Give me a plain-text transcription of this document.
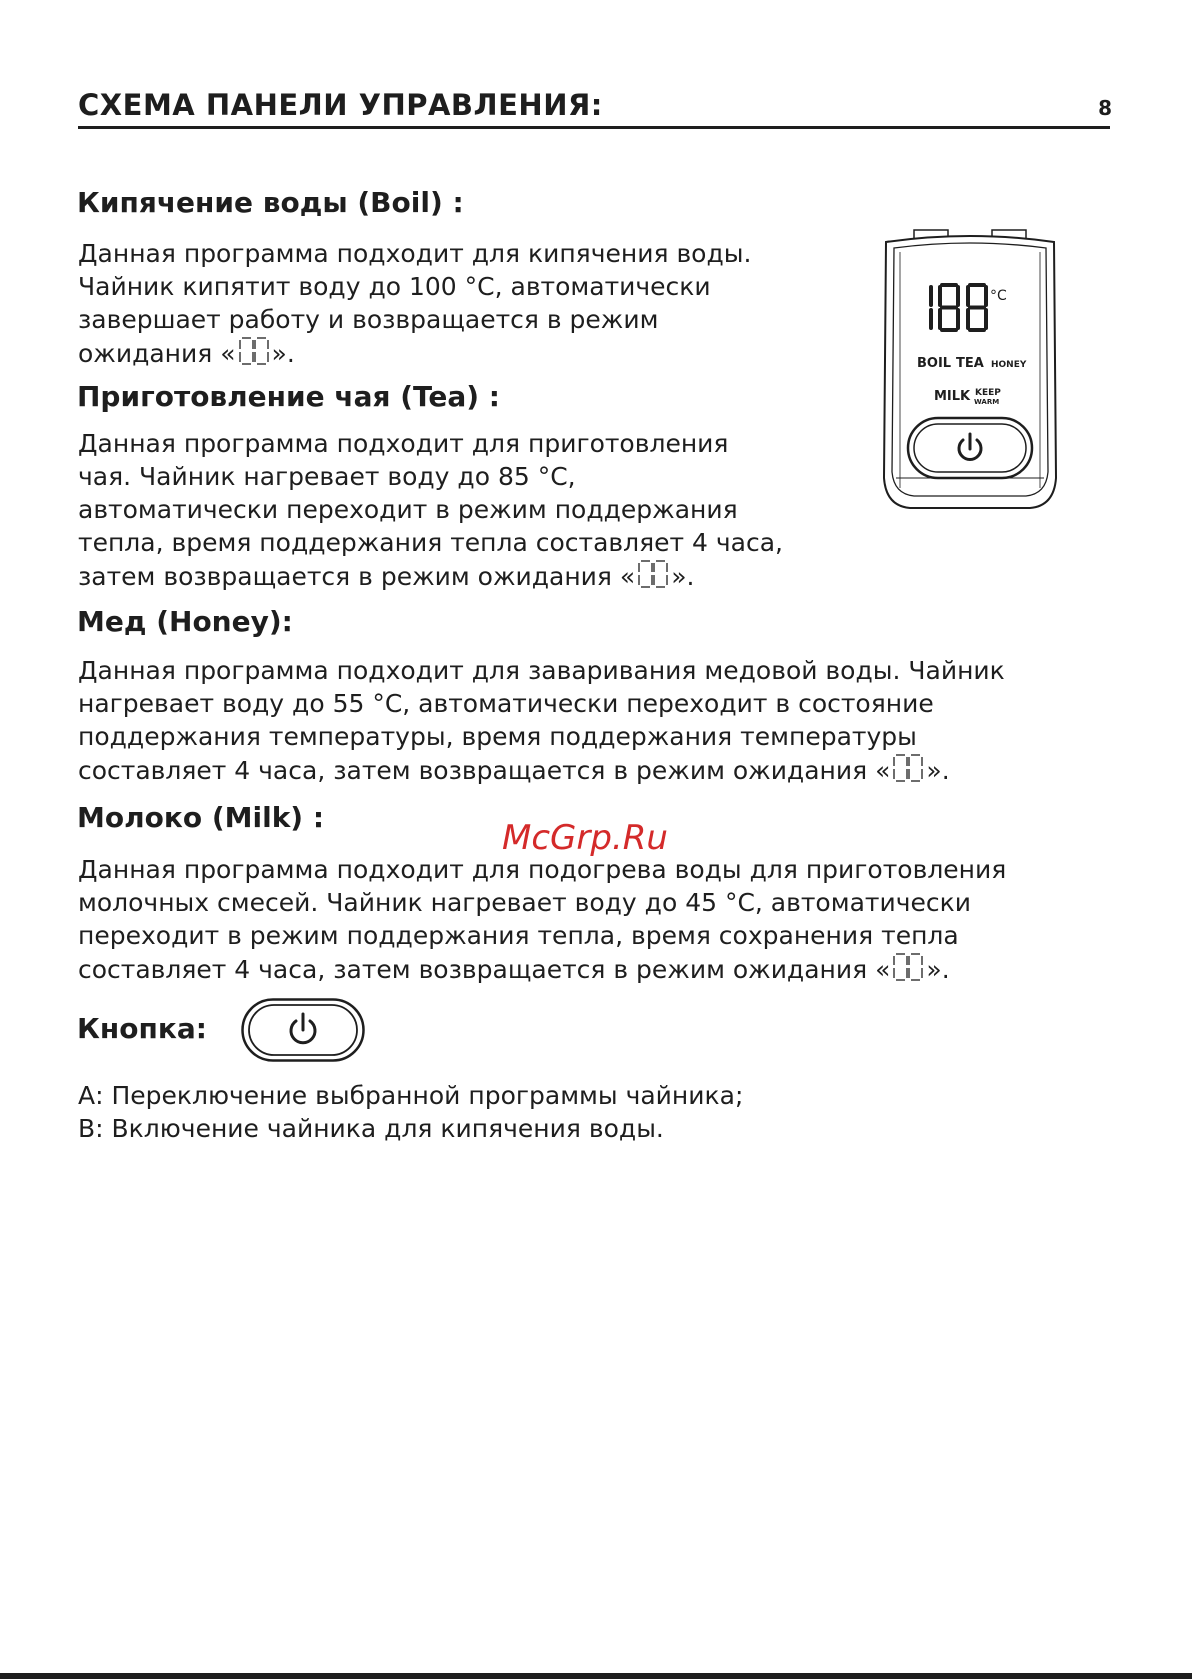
СХЕМА ПАНЕЛИ УПРАВЛЕНИЯ:	8
Кипячение воды (Boil) :
Данная программа подходит для кипячения воды.
Чайник кипятит воду до 100 °С, автоматически
завершает работу и возвращается в режим
ожидания « ».
Приготовление чая (Tea) :
Данная программа подходит для приготовления
чая. Чайник нагревает воду до 85 °С,
автоматически переходит в режим поддержания
тепла, время поддержания тепла составляет 4 часа,
затем возвращается в режим ожидания « ».
Мед (Honey):
Данная программа подходит для заваривания медовой воды. Чайник
нагревает воду до 55 °С, автоматически переходит в состояние
поддержания температуры, время поддержания температуры
составляет 4 часа, затем возвращается в режим ожидания « ».
Молоко (Milk) :
Данная программа подходит для подогрева воды для приготовления
молочных смесей. Чайник нагревает воду до 45 °С, автоматически
переходит в режим поддержания тепла, время сохранения тепла
составляет 4 часа, затем возвращается в режим ожидания « ».
McGrp.Ru
Кнопка:
А: Переключение выбранной программы чайника;
В: Включение чайника для кипячения воды.
°C
BOIL TEA HONEY
MILK KEEP
WARM
